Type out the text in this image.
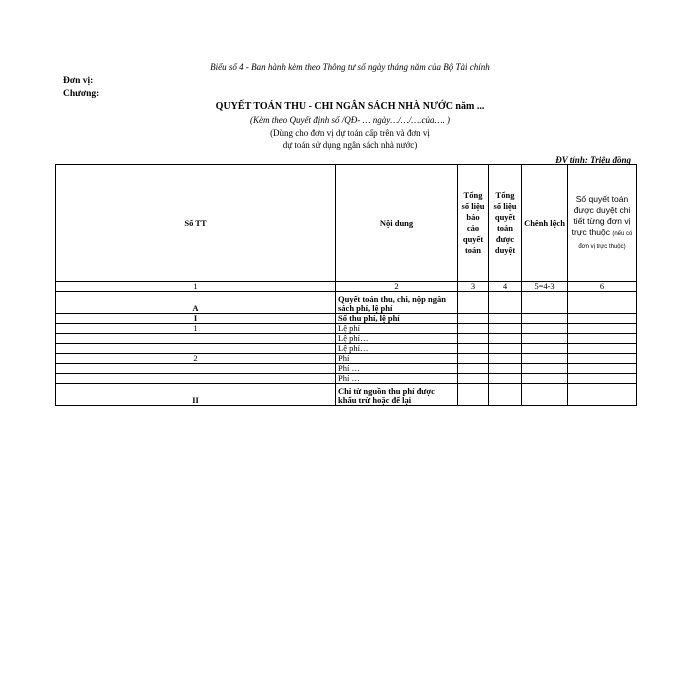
Biểu số 4 - Ban hành kèm theo Thông tư số ngày tháng năm của Bộ Tài chính
Đơn vị:
Chương:
QUYẾT TOÁN THU - CHI NGÂN SÁCH NHÀ NƯỚC năm ...
(Kèm theo Quyết định số /QĐ- … ngày…/…/….của…. )
(Dùng cho đơn vị dự toán cấp trên và đơn vị
dự toán sử dụng ngân sách nhà nước)
ĐV tính: Triệu đồng
Số TT	Nội dung	Tổng số liệu báo cáo quyết toán	Tổng số liệu quyết toán được duyệt	Chênh lệch	Số quyết toán được duyệt chi tiết từng đơn vị trực thuộc (nếu có đơn vị trực thuộc)
1	2	3	4	5=4-3	6
A	Quyết toán thu, chi, nộp ngân sách phí, lệ phí				
I	Số thu phí, lệ phí				
1	Lệ phí				
	Lệ phí…				
	Lệ phí…				
2	Phí				
	Phí …				
	Phí …				
II	Chi từ nguồn thu phí được khấu trừ hoặc để lại				
